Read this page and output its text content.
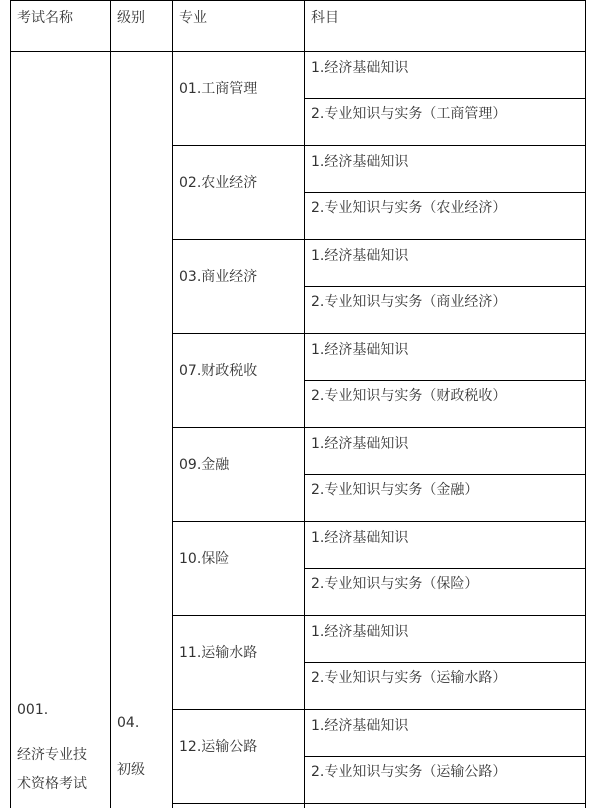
考试名称	级别 专业	科目
001.
经济专业技
术资格考试
04.
初级
01.工商管理
1.经济基础知识
2.专业知识与实务（工商管理）
02.农业经济
1.经济基础知识
2.专业知识与实务（农业经济）
03.商业经济
1.经济基础知识
2.专业知识与实务（商业经济）
07.财政税收
1.经济基础知识
2.专业知识与实务（财政税收）
09.金融
1.经济基础知识
2.专业知识与实务（金融）
10.保险
1.经济基础知识
2.专业知识与实务（保险）
11.运输水路
1.经济基础知识
2.专业知识与实务（运输水路）
12.运输公路
1.经济基础知识
2.专业知识与实务（运输公路）
